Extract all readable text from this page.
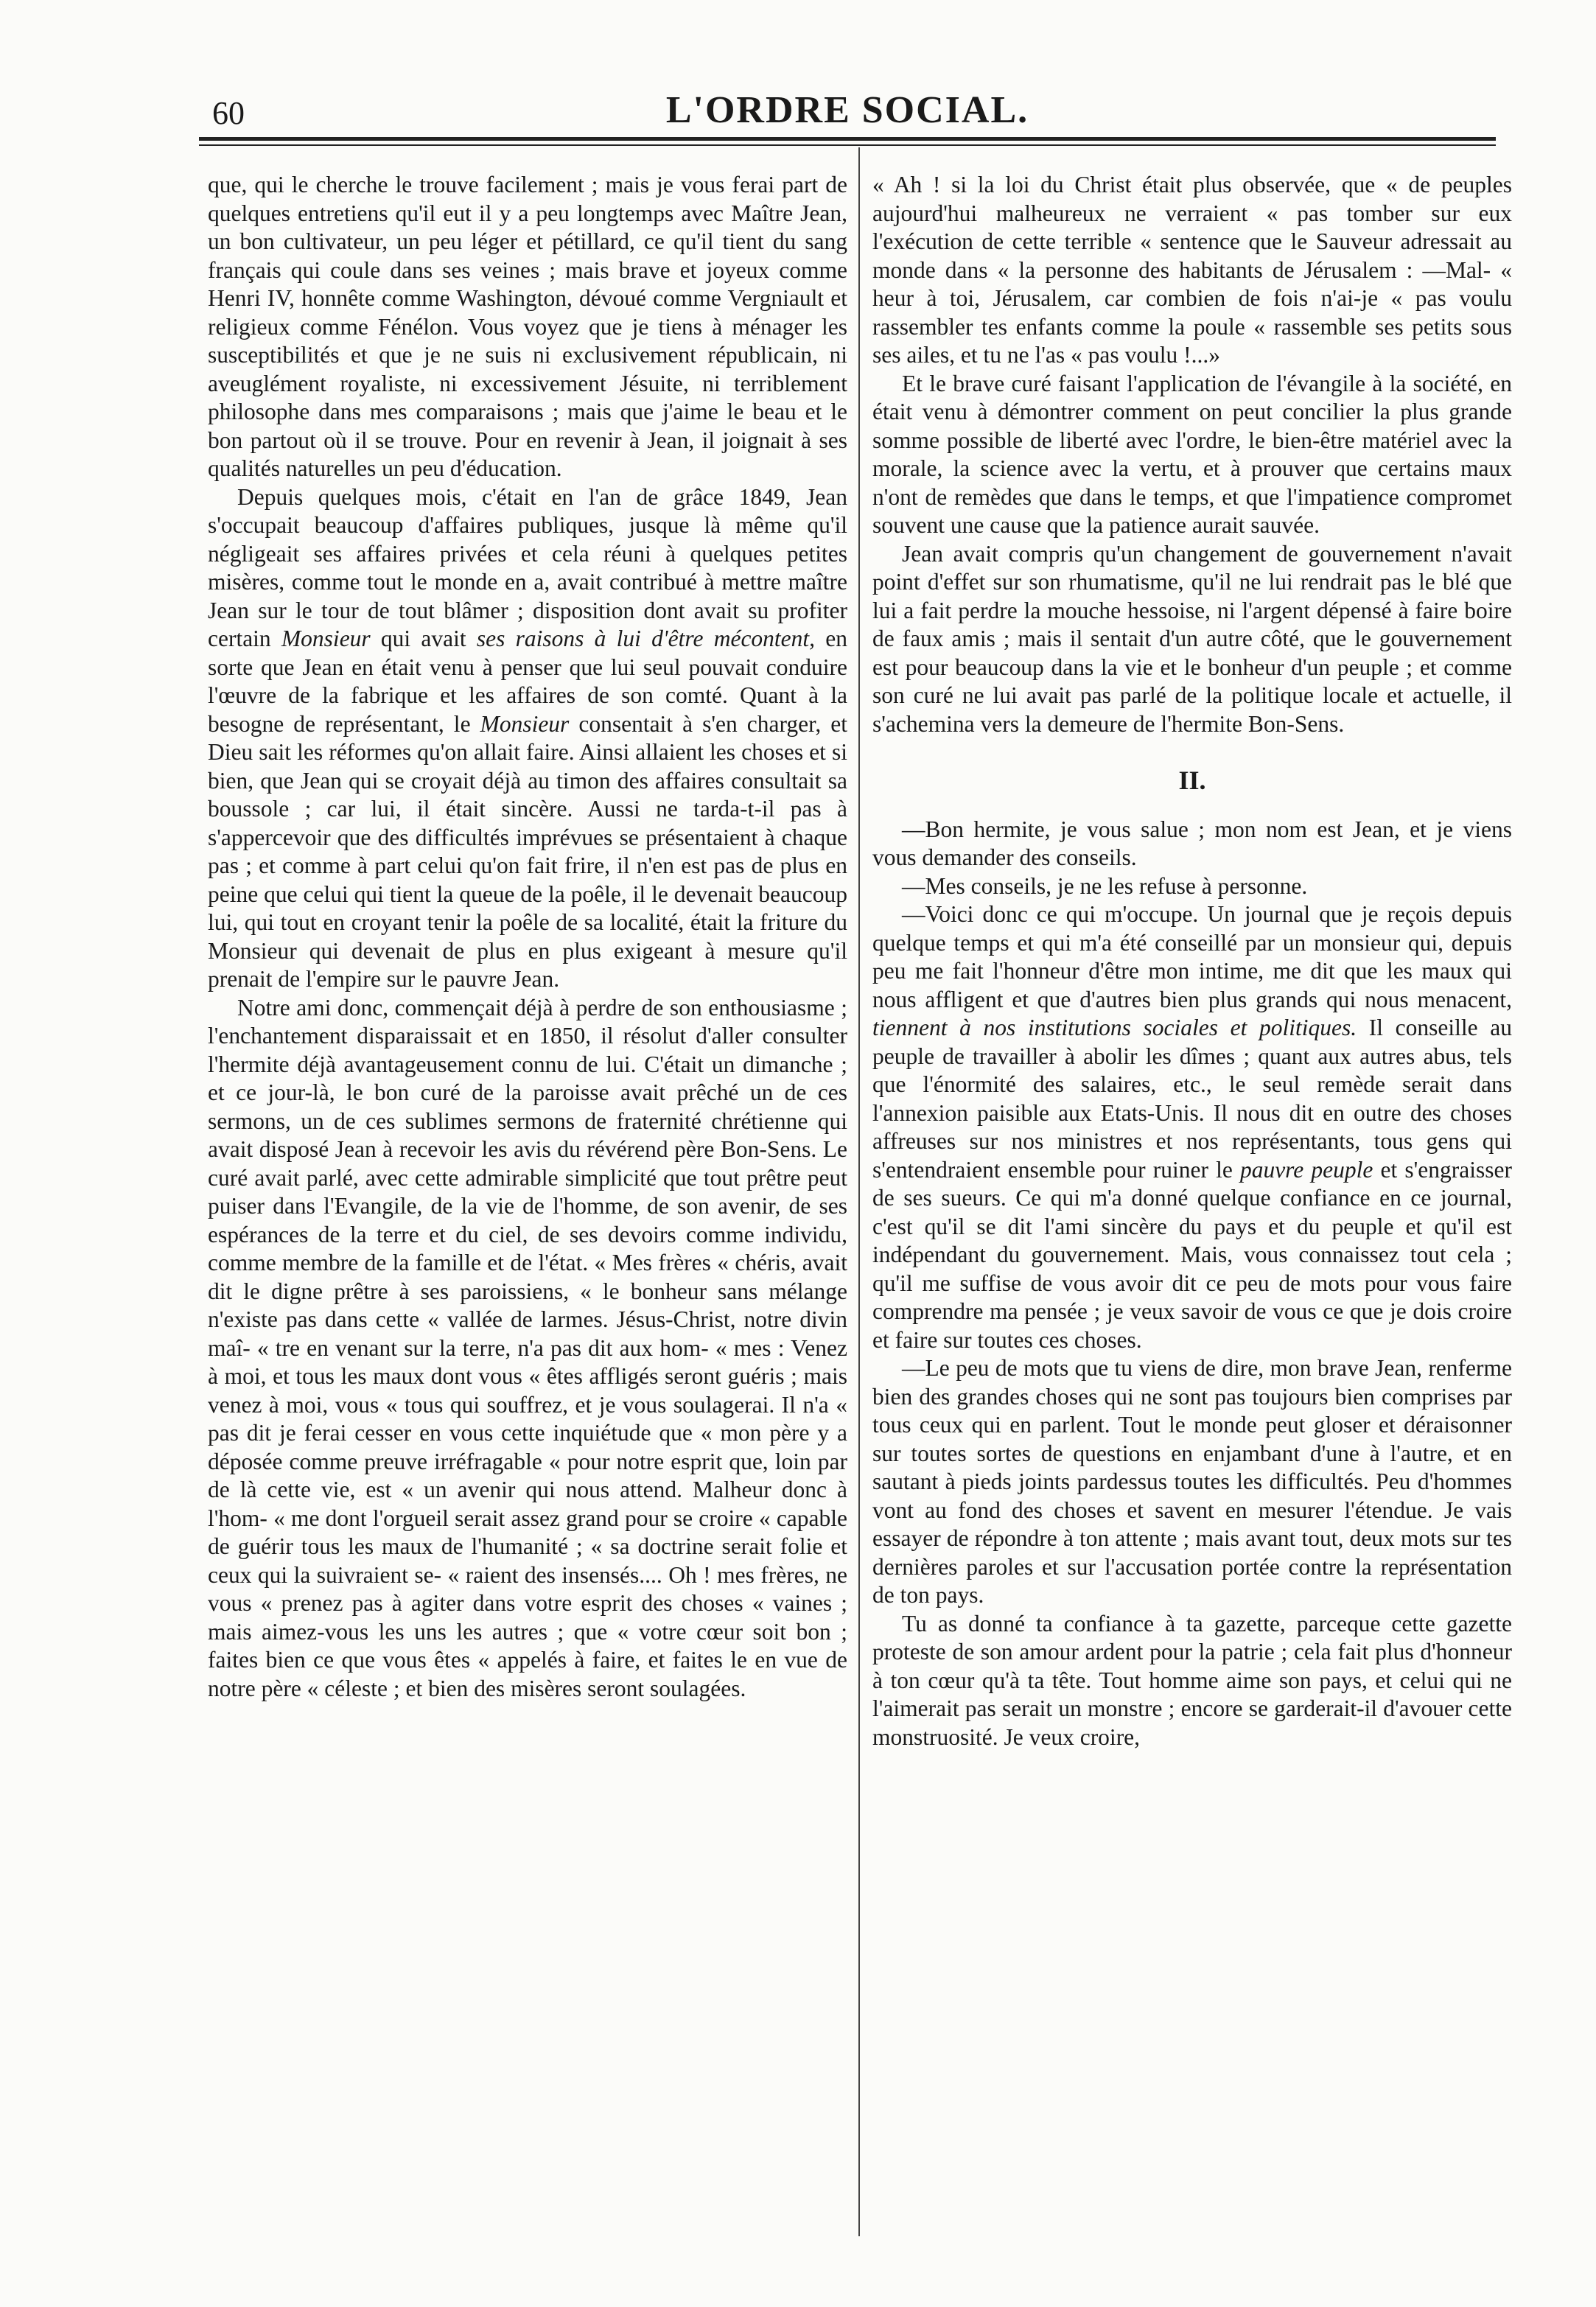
60	L'ORDRE SOCIAL.

que, qui le cherche le trouve facilement ; mais je vous ferai part de quelques entretiens qu'il eut il y a peu longtemps avec Maître Jean, un bon cultivateur, un peu léger et pétillard, ce qu'il tient du sang français qui coule dans ses veines ; mais brave et joyeux comme Henri IV, honnête comme Washington, dévoué comme Vergniault et religieux comme Fénélon. Vous voyez que je tiens à ménager les susceptibilités et que je ne suis ni exclusivement républicain, ni aveuglément royaliste, ni excessivement Jésuite, ni terriblement philosophe dans mes comparaisons ; mais que j'aime le beau et le bon partout où il se trouve. Pour en revenir à Jean, il joignait à ses qualités naturelles un peu d'éducation.

Depuis quelques mois, c'était en l'an de grâce 1849, Jean s'occupait beaucoup d'affaires publiques, jusque là même qu'il négligeait ses affaires privées et cela réuni à quelques petites misères, comme tout le monde en a, avait contribué à mettre maître Jean sur le tour de tout blâmer ; disposition dont avait su profiter certain Monsieur qui avait ses raisons à lui d'être mécontent, en sorte que Jean en était venu à penser que lui seul pouvait conduire l'œuvre de la fabrique et les affaires de son comté. Quant à la besogne de représentant, le Monsieur consentait à s'en charger, et Dieu sait les réformes qu'on allait faire. Ainsi allaient les choses et si bien, que Jean qui se croyait déjà au timon des affaires consultait sa boussole ; car lui, il était sincère. Aussi ne tarda-t-il pas à s'appercevoir que des difficultés imprévues se présentaient à chaque pas ; et comme à part celui qu'on fait frire, il n'en est pas de plus en peine que celui qui tient la queue de la poêle, il le devenait beaucoup lui, qui tout en croyant tenir la poêle de sa localité, était la friture du Monsieur qui devenait de plus en plus exigeant à mesure qu'il prenait de l'empire sur le pauvre Jean.

Notre ami donc, commençait déjà à perdre de son enthousiasme ; l'enchantement disparaissait et en 1850, il résolut d'aller consulter l'hermite déjà avantageusement connu de lui. C'était un dimanche ; et ce jour-là, le bon curé de la paroisse avait prêché un de ces sermons, un de ces sublimes sermons de fraternité chrétienne qui avait disposé Jean à recevoir les avis du révérend père Bon-Sens. Le curé avait parlé, avec cette admirable simplicité que tout prêtre peut puiser dans l'Evangile, de la vie de l'homme, de son avenir, de ses espérances de la terre et du ciel, de ses devoirs comme individu, comme membre de la famille et de l'état. « Mes frères « chéris, avait dit le digne prêtre à ses paroissiens, « le bonheur sans mélange n'existe pas dans cette « vallée de larmes. Jésus-Christ, notre divin maî- « tre en venant sur la terre, n'a pas dit aux hom- « mes : Venez à moi, et tous les maux dont vous « êtes affligés seront guéris ; mais venez à moi, vous « tous qui souffrez, et je vous soulagerai. Il n'a « pas dit je ferai cesser en vous cette inquiétude que « mon père y a déposée comme preuve irréfragable « pour notre esprit que, loin par de là cette vie, est « un avenir qui nous attend. Malheur donc à l'hom- « me dont l'orgueil serait assez grand pour se croire « capable de guérir tous les maux de l'humanité ; « sa doctrine serait folie et ceux qui la suivraient se- « raient des insensés.... Oh ! mes frères, ne vous « prenez pas à agiter dans votre esprit des choses « vaines ; mais aimez-vous les uns les autres ; que « votre cœur soit bon ; faites bien ce que vous êtes « appelés à faire, et faites le en vue de notre père « céleste ; et bien des misères seront soulagées.

« Ah ! si la loi du Christ était plus observée, que « de peuples aujourd'hui malheureux ne verraient « pas tomber sur eux l'exécution de cette terrible « sentence que le Sauveur adressait au monde dans « la personne des habitants de Jérusalem : —Mal- « heur à toi, Jérusalem, car combien de fois n'ai-je « pas voulu rassembler tes enfants comme la poule « rassemble ses petits sous ses ailes, et tu ne l'as « pas voulu !...»

Et le brave curé faisant l'application de l'évangile à la société, en était venu à démontrer comment on peut concilier la plus grande somme possible de liberté avec l'ordre, le bien-être matériel avec la morale, la science avec la vertu, et à prouver que certains maux n'ont de remèdes que dans le temps, et que l'impatience compromet souvent une cause que la patience aurait sauvée.

Jean avait compris qu'un changement de gouvernement n'avait point d'effet sur son rhumatisme, qu'il ne lui rendrait pas le blé que lui a fait perdre la mouche hessoise, ni l'argent dépensé à faire boire de faux amis ; mais il sentait d'un autre côté, que le gouvernement est pour beaucoup dans la vie et le bonheur d'un peuple ; et comme son curé ne lui avait pas parlé de la politique locale et actuelle, il s'achemina vers la demeure de l'hermite Bon-Sens.

II.

—Bon hermite, je vous salue ; mon nom est Jean, et je viens vous demander des conseils.

—Mes conseils, je ne les refuse à personne.

—Voici donc ce qui m'occupe. Un journal que je reçois depuis quelque temps et qui m'a été conseillé par un monsieur qui, depuis peu me fait l'honneur d'être mon intime, me dit que les maux qui nous affligent et que d'autres bien plus grands qui nous menacent, tiennent à nos institutions sociales et politiques. Il conseille au peuple de travailler à abolir les dîmes ; quant aux autres abus, tels que l'énormité des salaires, etc., le seul remède serait dans l'annexion paisible aux Etats-Unis. Il nous dit en outre des choses affreuses sur nos ministres et nos représentants, tous gens qui s'entendraient ensemble pour ruiner le pauvre peuple et s'engraisser de ses sueurs. Ce qui m'a donné quelque confiance en ce journal, c'est qu'il se dit l'ami sincère du pays et du peuple et qu'il est indépendant du gouvernement. Mais, vous connaissez tout cela ; qu'il me suffise de vous avoir dit ce peu de mots pour vous faire comprendre ma pensée ; je veux savoir de vous ce que je dois croire et faire sur toutes ces choses.

—Le peu de mots que tu viens de dire, mon brave Jean, renferme bien des grandes choses qui ne sont pas toujours bien comprises par tous ceux qui en parlent. Tout le monde peut gloser et déraisonner sur toutes sortes de questions en enjambant d'une à l'autre, et en sautant à pieds joints pardessus toutes les difficultés. Peu d'hommes vont au fond des choses et savent en mesurer l'étendue. Je vais essayer de répondre à ton attente ; mais avant tout, deux mots sur tes dernières paroles et sur l'accusation portée contre la représentation de ton pays.

Tu as donné ta confiance à ta gazette, parceque cette gazette proteste de son amour ardent pour la patrie ; cela fait plus d'honneur à ton cœur qu'à ta tête. Tout homme aime son pays, et celui qui ne l'aimerait pas serait un monstre ; encore se garderait-il d'avouer cette monstruosité. Je veux croire,
